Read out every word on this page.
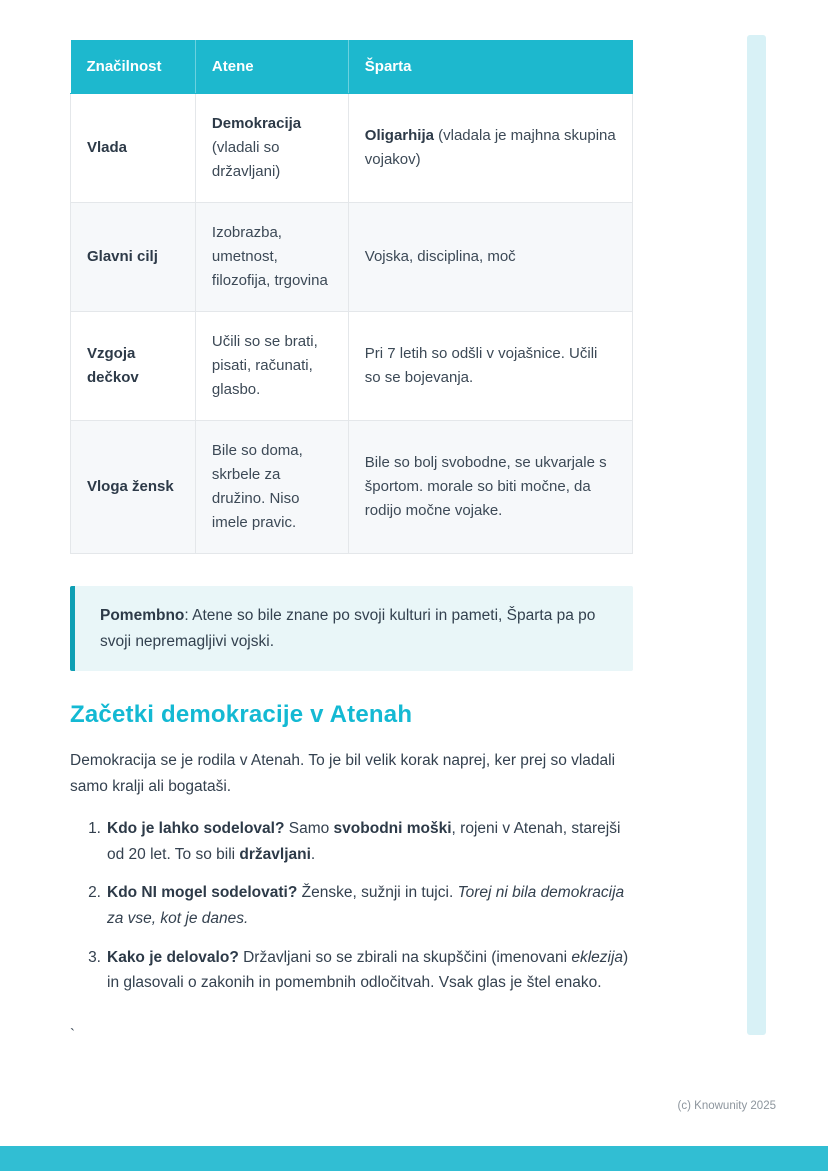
Značilnost	Atene	Šparta
Vlada	Demokracija (vladali so državljani)	Oligarhija (vladala je majhna skupina vojakov)
Glavni cilj	Izobrazba, umetnost, filozofija, trgovina	Vojska, disciplina, moč
Vzgoja dečkov	Učili so se brati, pisati, računati, glasbo.	Pri 7 letih so odšli v vojašnice. Učili so se bojevanja.
Vloga žensk	Bile so doma, skrbele za družino. Niso imele pravic.	Bile so bolj svobodne, se ukvarjale s športom. morale so biti močne, da rodijo močne vojake.
Pomembno: Atene so bile znane po svoji kulturi in pameti, Šparta pa po svoji nepremagljivi vojski.
Začetki demokracije v Atenah

Demokracija se je rodila v Atenah. To je bil velik korak naprej, ker prej so vladali samo kralji ali bogataši.

1. Kdo je lahko sodeloval? Samo svobodni moški, rojeni v Atenah, starejši od 20 let. To so bili državljani.
2. Kdo NI mogel sodelovati? Ženske, sužnji in tujci. Torej ni bila demokracija za vse, kot je danes.
3. Kako je delovalo? Državljani so se zbirali na skupščini (imenovani eklezija) in glasovali o zakonih in pomembnih odločitvah. Vsak glas je štel enako.
`
(c) Knowunity 2025
